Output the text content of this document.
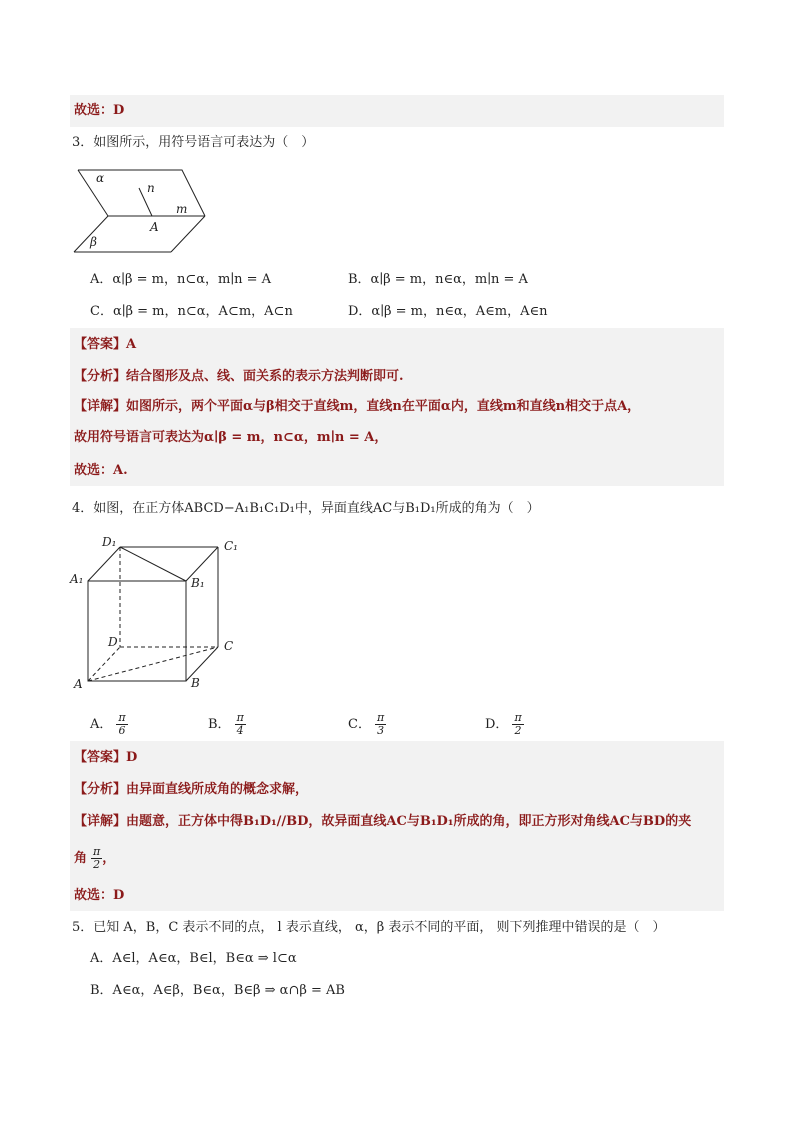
故选：D
3．如图所示，用符号语言可表达为（　）
α
n
m
A
β
A．α∣β = m，n⊂α，m∣n = A	B．α∣β = m，n∈α，m∣n = A
C．α∣β = m，n⊂α，A⊂m，A⊂n	D．α∣β = m，n∈α，A∈m，A∈n
【答案】A
【分析】结合图形及点、线、面关系的表示方法判断即可.
【详解】如图所示，两个平面α与β相交于直线m，直线n在平面α内，直线m和直线n相交于点A，
故用符号语言可表达为α∣β = m，n⊂α，m∣n = A，
故选：A.
4．如图，在正方体ABCD−A₁B₁C₁D₁中，异面直线AC与B₁D₁所成的角为（　）
D₁	C₁
A₁	B₁
D	C
A	B
A． $\frac{\pi}{6}$	B． $\frac{\pi}{4}$	C． $\frac{\pi}{3}$	D． $\frac{\pi}{2}$
【答案】D
【分析】由异面直线所成角的概念求解，
【详解】由题意，正方体中得B₁D₁//BD，故异面直线AC与B₁D₁所成的角，即正方形对角线AC与BD的夹
角 $\frac{\pi}{2}$ ，
故选：D
5．已知 A，B，C 表示不同的点， l 表示直线， α，β 表示不同的平面， 则下列推理中错误的是（　）
A．A∈l，A∈α，B∈l，B∈α ⇒ l⊂α
B．A∈α，A∈β，B∈α，B∈β ⇒ α∩β = AB
